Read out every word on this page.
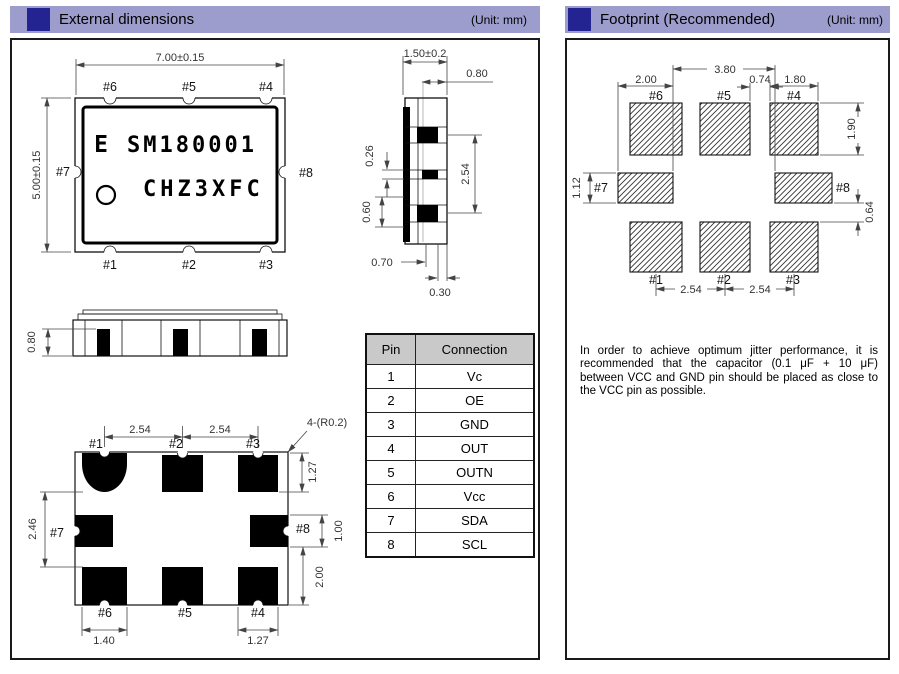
External dimensions	(Unit: mm)	Footprint (Recommended)	(Unit: mm)
7.00±0.15
5.00±0.15
E SM180001
CHZ3XFC
#6	#5	#4
#7	#8
#1	#2	#3
1.50±0.2
0.80
0.26
2.54
0.60
0.70
0.30
0.80
2.54	2.54
4-(R0.2)
#1	#2	#3
#7	#8
#6	#5	#4
1.27
1.00
2.00
2.46
1.40	1.27
Pin	Connection
1	Vc
2	OE
3	GND
4	OUT
5	OUTN
6	Vcc
7	SDA
8	SCL
3.80
2.00	0.74 1.80
1.90
0.64
1.12
2.54	2.54
#6	#5	#4
#7	#8
#1	#2	#3
In order to achieve optimum jitter performance, it is recommended that the capacitor (0.1 μF + 10 μF) between VCC and GND pin should be placed as close to the VCC pin as possible.
